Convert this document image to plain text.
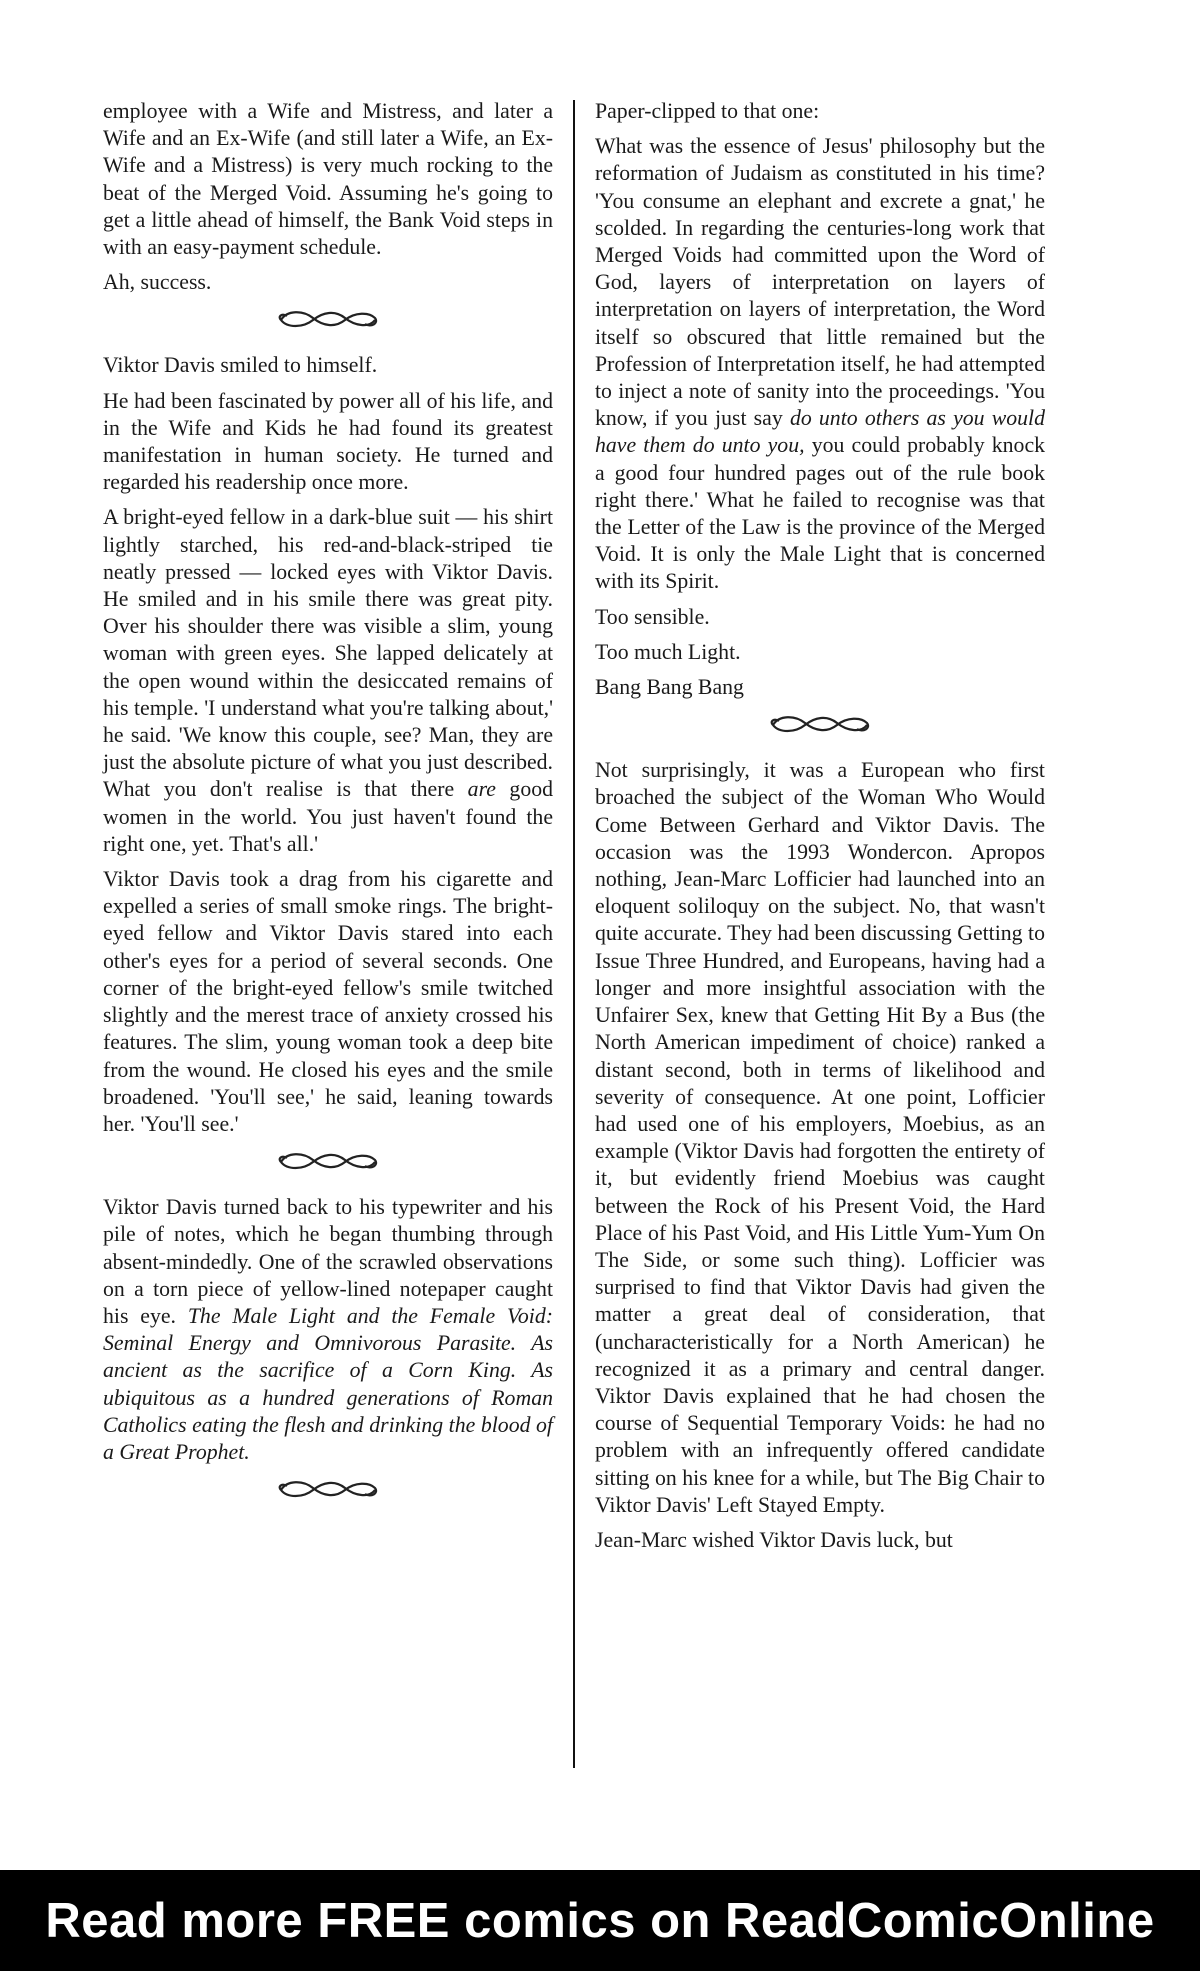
employee with a Wife and Mistress, and later a Wife and an Ex-Wife (and still later a Wife, an Ex-Wife and a Mistress) is very much rocking to the beat of the Merged Void. Assuming he's going to get a little ahead of himself, the Bank Void steps in with an easy-payment schedule.

Ah, success.

Viktor Davis smiled to himself.

He had been fascinated by power all of his life, and in the Wife and Kids he had found its greatest manifestation in human society. He turned and regarded his readership once more.

A bright-eyed fellow in a dark-blue suit — his shirt lightly starched, his red-and-black-striped tie neatly pressed — locked eyes with Viktor Davis. He smiled and in his smile there was great pity. Over his shoulder there was visible a slim, young woman with green eyes. She lapped delicately at the open wound within the desiccated remains of his temple. 'I understand what you're talking about,' he said. 'We know this couple, see? Man, they are just the absolute picture of what you just described. What you don't realise is that there are good women in the world. You just haven't found the right one, yet. That's all.'

Viktor Davis took a drag from his cigarette and expelled a series of small smoke rings. The bright-eyed fellow and Viktor Davis stared into each other's eyes for a period of several seconds. One corner of the bright-eyed fellow's smile twitched slightly and the merest trace of anxiety crossed his features. The slim, young woman took a deep bite from the wound. He closed his eyes and the smile broadened. 'You'll see,' he said, leaning towards her. 'You'll see.'

Viktor Davis turned back to his typewriter and his pile of notes, which he began thumbing through absent-mindedly. One of the scrawled observations on a torn piece of yellow-lined notepaper caught his eye. The Male Light and the Female Void: Seminal Energy and Omnivorous Parasite. As ancient as the sacrifice of a Corn King. As ubiquitous as a hundred generations of Roman Catholics eating the flesh and drinking the blood of a Great Prophet.

Paper-clipped to that one:

What was the essence of Jesus' philosophy but the reformation of Judaism as constituted in his time? 'You consume an elephant and excrete a gnat,' he scolded. In regarding the centuries-long work that Merged Voids had committed upon the Word of God, layers of interpretation on layers of interpretation on layers of interpretation, the Word itself so obscured that little remained but the Profession of Interpretation itself, he had attempted to inject a note of sanity into the proceedings. 'You know, if you just say do unto others as you would have them do unto you, you could probably knock a good four hundred pages out of the rule book right there.' What he failed to recognise was that the Letter of the Law is the province of the Merged Void. It is only the Male Light that is concerned with its Spirit.

Too sensible.

Too much Light.

Bang Bang Bang

Not surprisingly, it was a European who first broached the subject of the Woman Who Would Come Between Gerhard and Viktor Davis. The occasion was the 1993 Wondercon. Apropos nothing, Jean-Marc Lofficier had launched into an eloquent soliloquy on the subject. No, that wasn't quite accurate. They had been discussing Getting to Issue Three Hundred, and Europeans, having had a longer and more insightful association with the Unfairer Sex, knew that Getting Hit By a Bus (the North American impediment of choice) ranked a distant second, both in terms of likelihood and severity of consequence. At one point, Lofficier had used one of his employers, Moebius, as an example (Viktor Davis had forgotten the entirety of it, but evidently friend Moebius was caught between the Rock of his Present Void, the Hard Place of his Past Void, and His Little Yum-Yum On The Side, or some such thing). Lofficier was surprised to find that Viktor Davis had given the matter a great deal of consideration, that (uncharacteristically for a North American) he recognized it as a primary and central danger. Viktor Davis explained that he had chosen the course of Sequential Temporary Voids: he had no problem with an infrequently offered candidate sitting on his knee for a while, but The Big Chair to Viktor Davis' Left Stayed Empty.

Jean-Marc wished Viktor Davis luck, but

Read more FREE comics on ReadComicOnline
